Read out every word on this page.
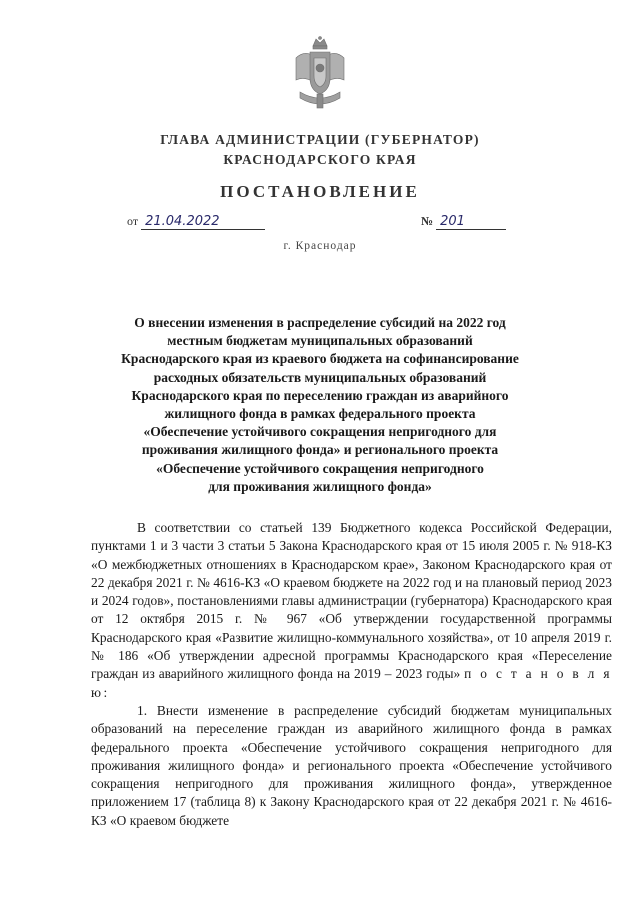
ГЛАВА АДМИНИСТРАЦИИ (ГУБЕРНАТОР)
КРАСНОДАРСКОГО КРАЯ
ПОСТАНОВЛЕНИЕ
от 21.04.2022	№ 201
г. Краснодар
О внесении изменения в распределение субсидий на 2022 год
местным бюджетам муниципальных образований
Краснодарского края из краевого бюджета на софинансирование
расходных обязательств муниципальных образований
Краснодарского края по переселению граждан из аварийного
жилищного фонда в рамках федерального проекта
«Обеспечение устойчивого сокращения непригодного для
проживания жилищного фонда» и регионального проекта
«Обеспечение устойчивого сокращения непригодного
для проживания жилищного фонда»

В соответствии со статьей 139 Бюджетного кодекса Российской Федерации, пунктами 1 и 3 части 3 статьи 5 Закона Краснодарского края от 15 июля 2005 г. № 918-КЗ «О межбюджетных отношениях в Краснодарском крае», Законом Краснодарского края от 22 декабря 2021 г. № 4616-КЗ «О краевом бюджете на 2022 год и на плановый период 2023 и 2024 годов», постановлениями главы администрации (губернатора) Краснодарского края от 12 октября 2015 г. № 967 «Об утверждении государственной программы Краснодарского края «Развитие жилищно-коммунального хозяйства», от 10 апреля 2019 г. № 186 «Об утверждении адресной программы Краснодарского края «Переселение граждан из аварийного жилищного фонда на 2019 – 2023 годы» п о с т а н о в л я ю:

1. Внести изменение в распределение субсидий бюджетам муниципальных образований на переселение граждан из аварийного жилищного фонда в рамках федерального проекта «Обеспечение устойчивого сокращения непригодного для проживания жилищного фонда» и регионального проекта «Обеспечение устойчивого сокращения непригодного для проживания жилищного фонда», утвержденное приложением 17 (таблица 8) к Закону Краснодарского края от 22 декабря 2021 г. № 4616-КЗ «О краевом бюджете
